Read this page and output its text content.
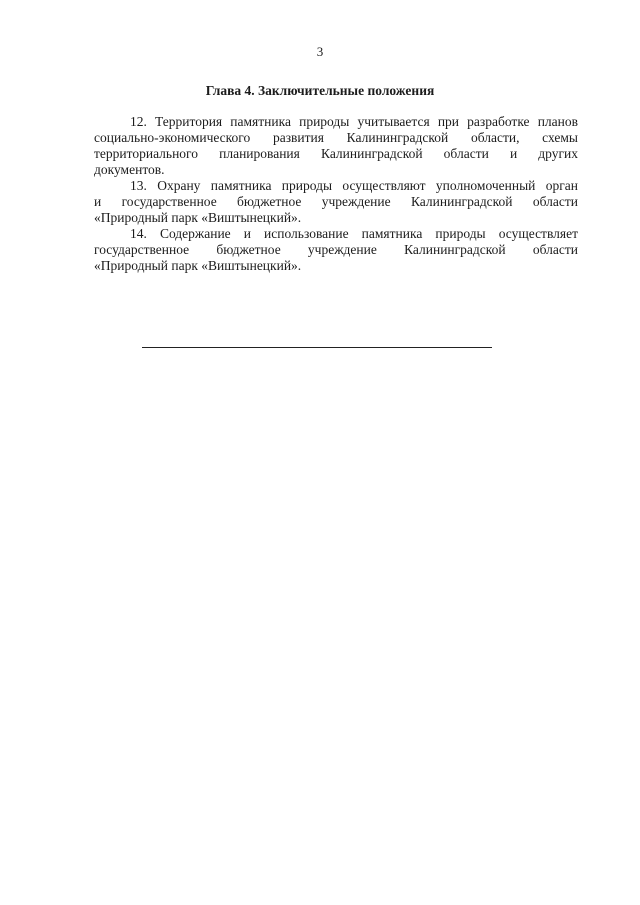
3
Глава 4. Заключительные положения

12. Территория памятника природы учитывается при разработке планов
социально-экономического развития Калининградской области, схемы
территориального планирования Калининградской области и других
документов.

13. Охрану памятника природы осуществляют уполномоченный орган
и государственное бюджетное учреждение Калининградской области
«Природный парк «Виштынецкий».

14. Содержание и использование памятника природы осуществляет
государственное бюджетное учреждение Калининградской области
«Природный парк «Виштынецкий».
